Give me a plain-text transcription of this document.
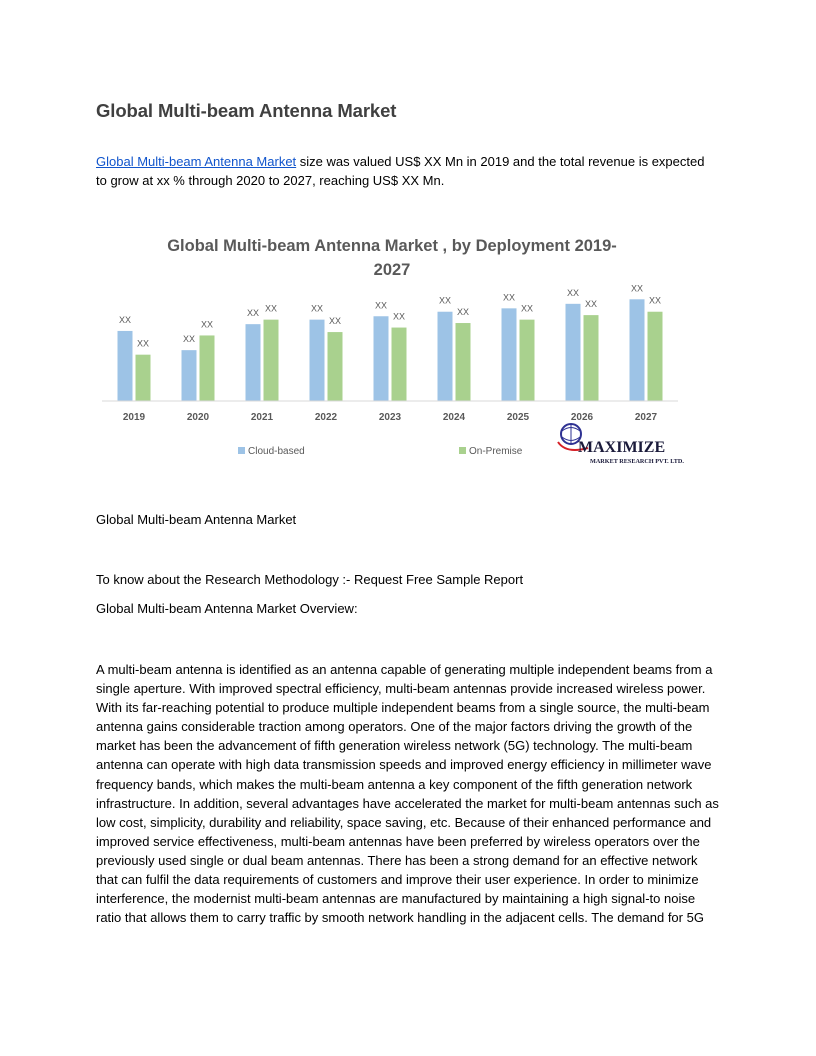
Global Multi-beam Antenna Market

Global Multi-beam Antenna Market size was valued US$ XX Mn in 2019 and the total revenue is expected to grow at xx % through 2020 to 2027, reaching US$ XX Mn.

Global Multi-beam Antenna Market , by Deployment 2019-
2027
XX
XX	XX
XX
XX XX	XX
XX
XX
XX
XX
XX
XX
XX
XX
XX
XX
XX
2019	2020	2021	2022	2023	2024	2025	2026	2027
Cloud-based	On-Premise	MAXIMIZE
MARKET RESEARCH PVT. LTD.

Global Multi-beam Antenna Market

To know about the Research Methodology :- Request Free Sample Report

Global Multi-beam Antenna Market Overview:

A multi-beam antenna is identified as an antenna capable of generating multiple independent beams from a single aperture. With improved spectral efficiency, multi-beam antennas provide increased wireless power. With its far-reaching potential to produce multiple independent beams from a single source, the multi-beam antenna gains considerable traction among operators. One of the major factors driving the growth of the market has been the advancement of fifth generation wireless network (5G) technology. The multi-beam antenna can operate with high data transmission speeds and improved energy efficiency in millimeter wave frequency bands, which makes the multi-beam antenna a key component of the fifth generation network infrastructure. In addition, several advantages have accelerated the market for multi-beam antennas such as low cost, simplicity, durability and reliability, space saving, etc. Because of their enhanced performance and improved service effectiveness, multi-beam antennas have been preferred by wireless operators over the previously used single or dual beam antennas. There has been a strong demand for an effective network that can fulfil the data requirements of customers and improve their user experience. In order to minimize interference, the modernist multi-beam antennas are manufactured by maintaining a high signal-to noise ratio that allows them to carry traffic by smooth network handling in the adjacent cells. The demand for 5G
